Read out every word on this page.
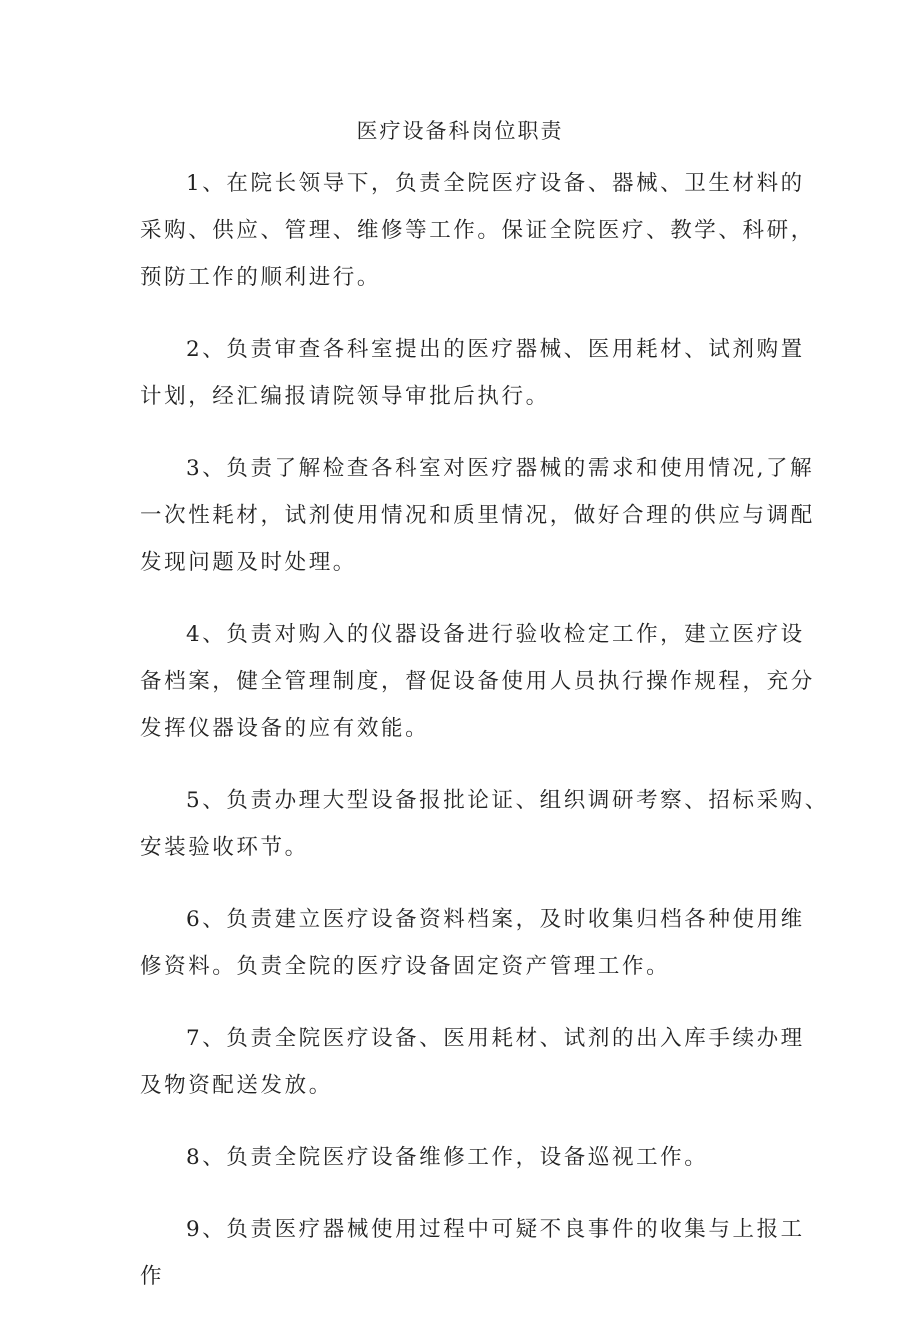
医疗设备科岗位职责
1、在院长领导下，负责全院医疗设备、器械、卫生材料的
采购、供应、管理、维修等工作。保证全院医疗、教学、科研，
预防工作的顺利进行。
2、负责审查各科室提出的医疗器械、医用耗材、试剂购置
计划，经汇编报请院领导审批后执行。
3、负责了解检查各科室对医疗器械的需求和使用情况,了解
一次性耗材，试剂使用情况和质里情况，做好合理的供应与调配
发现问题及时处理。
4、负责对购入的仪器设备进行验收检定工作，建立医疗设
备档案，健全管理制度，督促设备使用人员执行操作规程，充分
发挥仪器设备的应有效能。
5、负责办理大型设备报批论证、组织调研考察、招标采购、
安装验收环节。
6、负责建立医疗设备资料档案，及时收集归档各种使用维
修资料。负责全院的医疗设备固定资产管理工作。
7、负责全院医疗设备、医用耗材、试剂的出入库手续办理
及物资配送发放。
8、负责全院医疗设备维修工作，设备巡视工作。
9、负责医疗器械使用过程中可疑不良事件的收集与上报工
作
